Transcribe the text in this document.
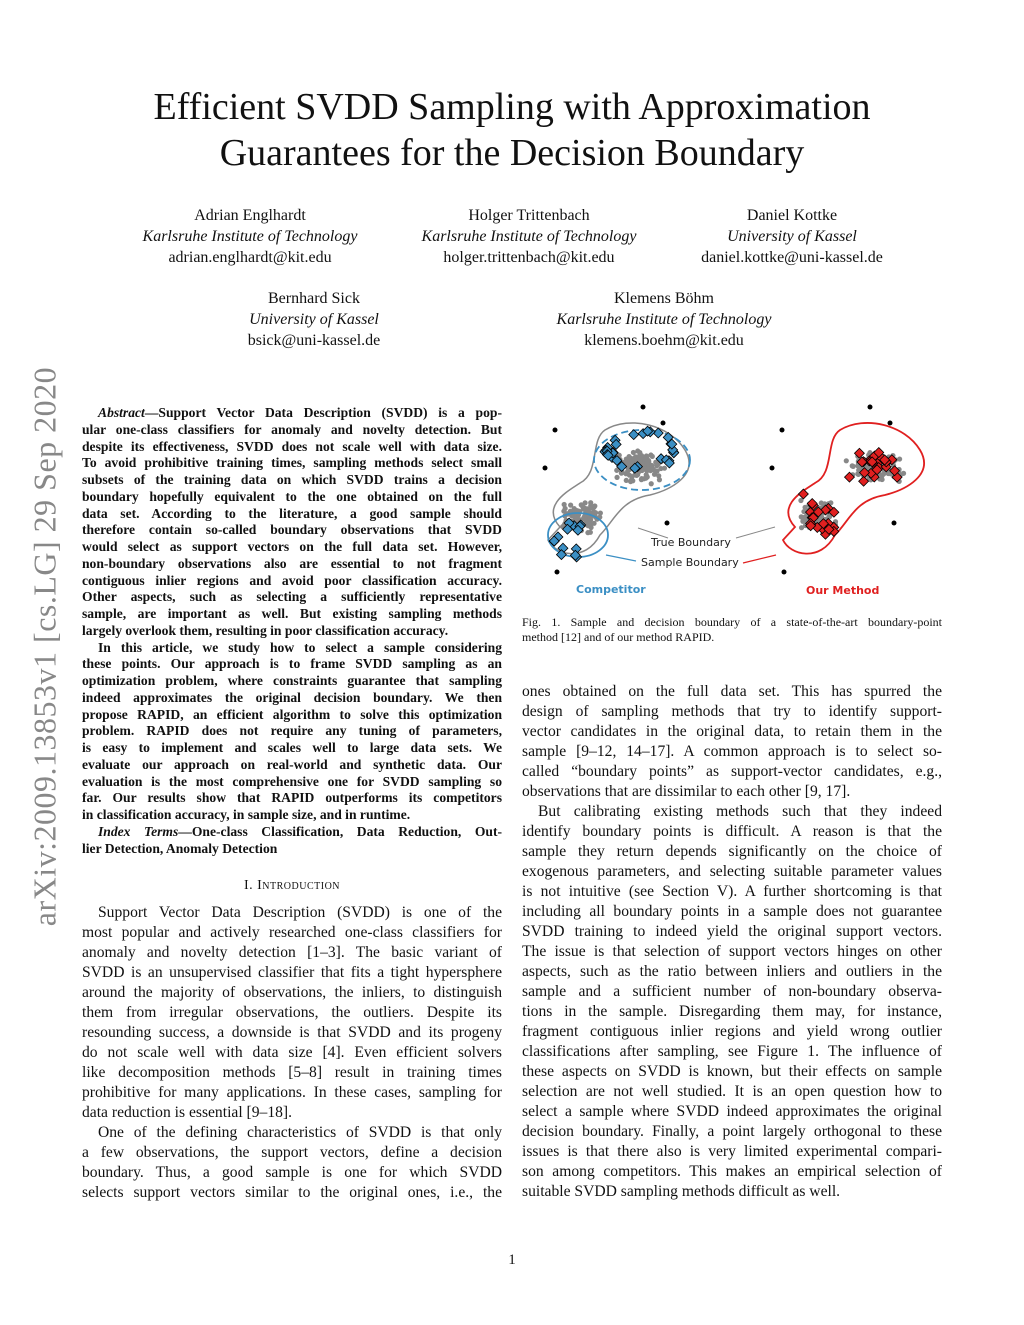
Efficient SVDD Sampling with Approximation
Guarantees for the Decision Boundary
Adrian Englhardt
Karlsruhe Institute of Technology
adrian.englhardt@kit.edu
Holger Trittenbach
Karlsruhe Institute of Technology
holger.trittenbach@kit.edu
Daniel Kottke
University of Kassel
daniel.kottke@uni-kassel.de
Bernhard Sick
University of Kassel
bsick@uni-kassel.de
Klemens Böhm
Karlsruhe Institute of Technology
klemens.boehm@kit.edu
arXiv:2009.13853v1 [cs.LG] 29 Sep 2020	Abstract—Support Vector Data Description (SVDD) is a pop-
ular one-class classifiers for anomaly and novelty detection. But
despite its effectiveness, SVDD does not scale well with data size.
To avoid prohibitive training times, sampling methods select small
subsets of the training data on which SVDD trains a decision
boundary hopefully equivalent to the one obtained on the full
data set. According to the literature, a good sample should
therefore contain so-called boundary observations that SVDD
would select as support vectors on the full data set. However,
non-boundary observations also are essential to not fragment
contiguous inlier regions and avoid poor classification accuracy.
Other aspects, such as selecting a sufficiently representative
sample, are important as well. But existing sampling methods
largely overlook them, resulting in poor classification accuracy.
In this article, we study how to select a sample considering
these points. Our approach is to frame SVDD sampling as an
optimization problem, where constraints guarantee that sampling
indeed approximates the original decision boundary. We then
propose RAPID, an efficient algorithm to solve this optimization
problem. RAPID does not require any tuning of parameters,
is easy to implement and scales well to large data sets. We
evaluate our approach on real-world and synthetic data. Our
evaluation is the most comprehensive one for SVDD sampling so
far. Our results show that RAPID outperforms its competitors
in classification accuracy, in sample size, and in runtime.
Index Terms—One-class Classification, Data Reduction, Out-
lier Detection, Anomaly Detection
I. Introduction
Support Vector Data Description (SVDD) is one of the
most popular and actively researched one-class classifiers for
anomaly and novelty detection [1–3]. The basic variant of
SVDD is an unsupervised classifier that fits a tight hypersphere
around the majority of observations, the inliers, to distinguish
them from irregular observations, the outliers. Despite its
resounding success, a downside is that SVDD and its progeny
do not scale well with data size [4]. Even efficient solvers
like decomposition methods [5–8] result in training times
prohibitive for many applications. In these cases, sampling for
data reduction is essential [9–18].
One of the defining characteristics of SVDD is that only
a few observations, the support vectors, define a decision
boundary. Thus, a good sample is one for which SVDD
selects support vectors similar to the original ones, i.e., the
ones obtained on the full data set. This has spurred the
design of sampling methods that try to identify support-
vector candidates in the original data, to retain them in the
sample [9–12, 14–17]. A common approach is to select so-
called “boundary points” as support-vector candidates, e.g.,
observations that are dissimilar to each other [9, 17].
But calibrating existing methods such that they indeed
identify boundary points is difficult. A reason is that the
sample they return depends significantly on the choice of
exogenous parameters, and selecting suitable parameter values
is not intuitive (see Section V). A further shortcoming is that
including all boundary points in a sample does not guarantee
SVDD training to indeed yield the original support vectors.
The issue is that selection of support vectors hinges on other
aspects, such as the ratio between inliers and outliers in the
sample and a sufficient number of non-boundary observa-
tions in the sample. Disregarding them may, for instance,
fragment contiguous inlier regions and yield wrong outlier
classifications after sampling, see Figure 1. The influence of
these aspects on SVDD is known, but their effects on sample
selection are not well studied. It is an open question how to
select a sample where SVDD indeed approximates the original
decision boundary. Finally, a point largely orthogonal to these
issues is that there also is very limited experimental compari-
son among competitors. This makes an empirical selection of
suitable SVDD sampling methods difficult as well.
True Boundary
Sample Boundary
Competitor	Our Method
Fig. 1. Sample and decision boundary of a state-of-the-art boundary-point
method [12] and of our method RAPID.
1
